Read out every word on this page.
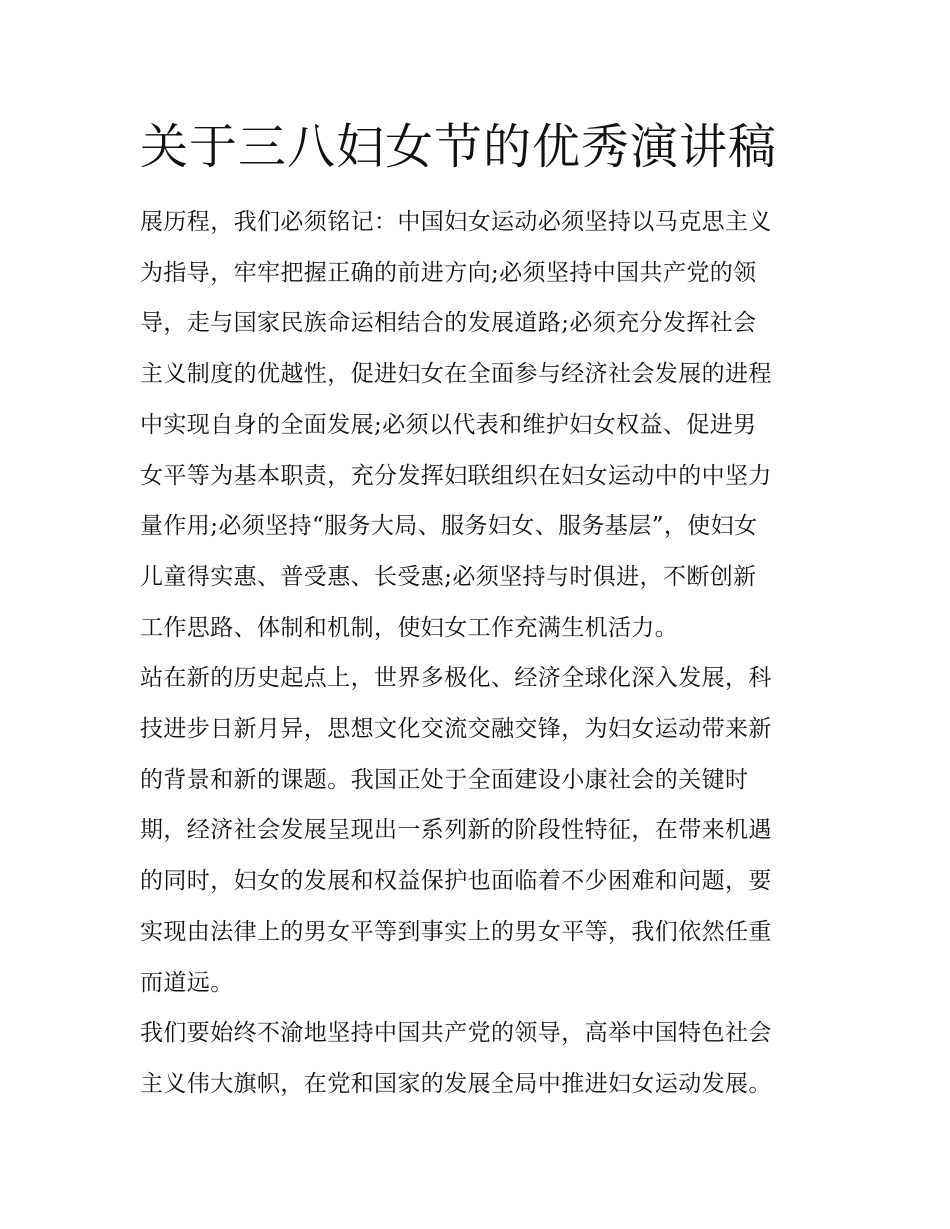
关于三八妇女节的优秀演讲稿

展历程，我们必须铭记：中国妇女运动必须坚持以马克思主义
为指导，牢牢把握正确的前进方向;必须坚持中国共产党的领
导，走与国家民族命运相结合的发展道路;必须充分发挥社会
主义制度的优越性，促进妇女在全面参与经济社会发展的进程
中实现自身的全面发展;必须以代表和维护妇女权益、促进男
女平等为基本职责，充分发挥妇联组织在妇女运动中的中坚力
量作用;必须坚持“服务大局、服务妇女、服务基层”，使妇女
儿童得实惠、普受惠、长受惠;必须坚持与时俱进，不断创新
工作思路、体制和机制，使妇女工作充满生机活力。

站在新的历史起点上，世界多极化、经济全球化深入发展，科
技进步日新月异，思想文化交流交融交锋，为妇女运动带来新
的背景和新的课题。我国正处于全面建设小康社会的关键时
期，经济社会发展呈现出一系列新的阶段性特征，在带来机遇
的同时，妇女的发展和权益保护也面临着不少困难和问题，要
实现由法律上的男女平等到事实上的男女平等，我们依然任重
而道远。

我们要始终不渝地坚持中国共产党的领导，高举中国特色社会
主义伟大旗帜，在党和国家的发展全局中推进妇女运动发展。
